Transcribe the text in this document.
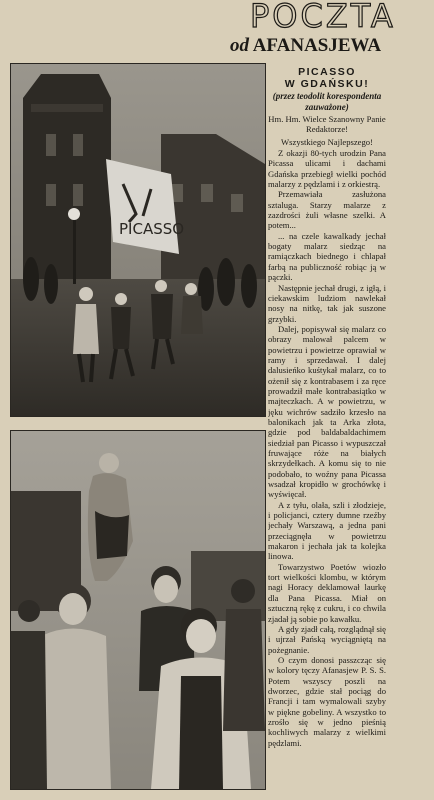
POCZTA
od AFANASJEWA
PICASSO
PICASSO
W GDAŃSKU!
(przez teodolit korespondenta zauważone)
Hm. Hm. Wielce Szanowny Panie Redaktorze!
Wszystkiego Najlepszego!

Z okazji 80-tych urodzin Pana Picassa ulicami i dachami Gdańska przebiegł wielki pochód malarzy z pędzlami i z orkiestrą.

Przemawiała zasłużona sztaluga. Starzy malarze z zazdrości żuli własne szelki. A potem...

... na czele kawalkady jechał bogaty malarz siedząc na ramiączkach biednego i chlapał farbą na publiczność robiąc ją w pączki.

Następnie jechał drugi, z igłą, i ciekawskim ludziom nawlekał nosy na nitkę, tak jak suszone grzybki.

Dalej, popisywał się malarz co obrazy malował palcem w powietrzu i powietrze oprawiał w ramy i sprzedawał. I dalej dalusieńko kuśtykał malarz, co to ożenił się z kontrabasem i za ręce prowadził małe kontrabasiątko w majteczkach. A w powietrzu, w jęku wichrów sadziło krzesło na balonikach jak ta Arka złota, gdzie pod baldabaldachimem siedział pan Picasso i wypuszczał fruwające róże na białych skrzydełkach. A komu się to nie podobało, to woźny pana Picassa wsadzał kropidło w grochówkę i wyświęcał.

A z tyłu, olała, szli i złodzieje, i policjanci, cztery dumne rzeźby jechały Warszawą, a jedna pani przeciągnęła w powietrzu makaron i jechała jak ta kolejka linowa.

Towarzystwo Poetów wiozło tort wielkości klombu, w którym nagi Horacy deklamował laurkę dla Pana Picassa. Miał on sztuczną rękę z cukru, i co chwila zjadał ją sobie po kawałku.

A gdy zjadł całą, rozglądnął się i ujrzał Pańską wyciągniętą na pożegnanie.

O czym donosi passzcząc się w kolory tęczy Afanasjew P. S. S. Potem wszyscy poszli na dworzec, gdzie stał pociąg do Francji i tam wymalowali szyby w piękne gobeliny. A wszystko to zrośło się w jedno pieśnią kochliwych malarzy z wielkimi pędzlami.
